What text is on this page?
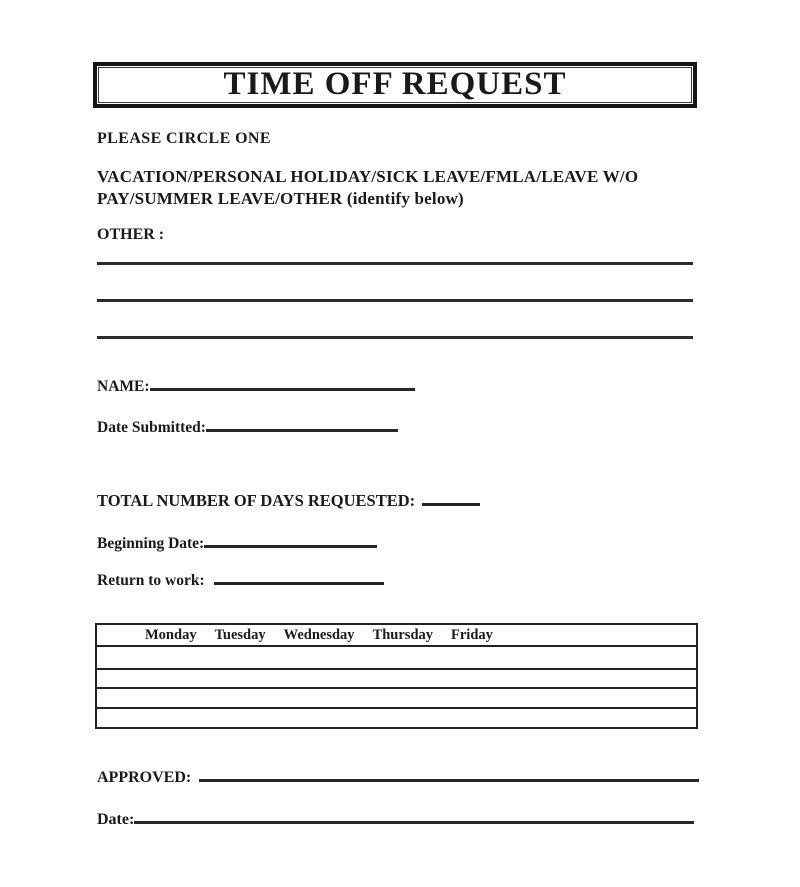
TIME OFF REQUEST
PLEASE CIRCLE ONE
VACATION/PERSONAL HOLIDAY/SICK LEAVE/FMLA/LEAVE W/O
PAY/SUMMER LEAVE/OTHER (identify below)
OTHER :
NAME:
Date Submitted:
TOTAL NUMBER OF DAYS REQUESTED:
Beginning Date:
Return to work:
Monday Tuesday Wednesday Thursday Friday
APPROVED:
Date:
